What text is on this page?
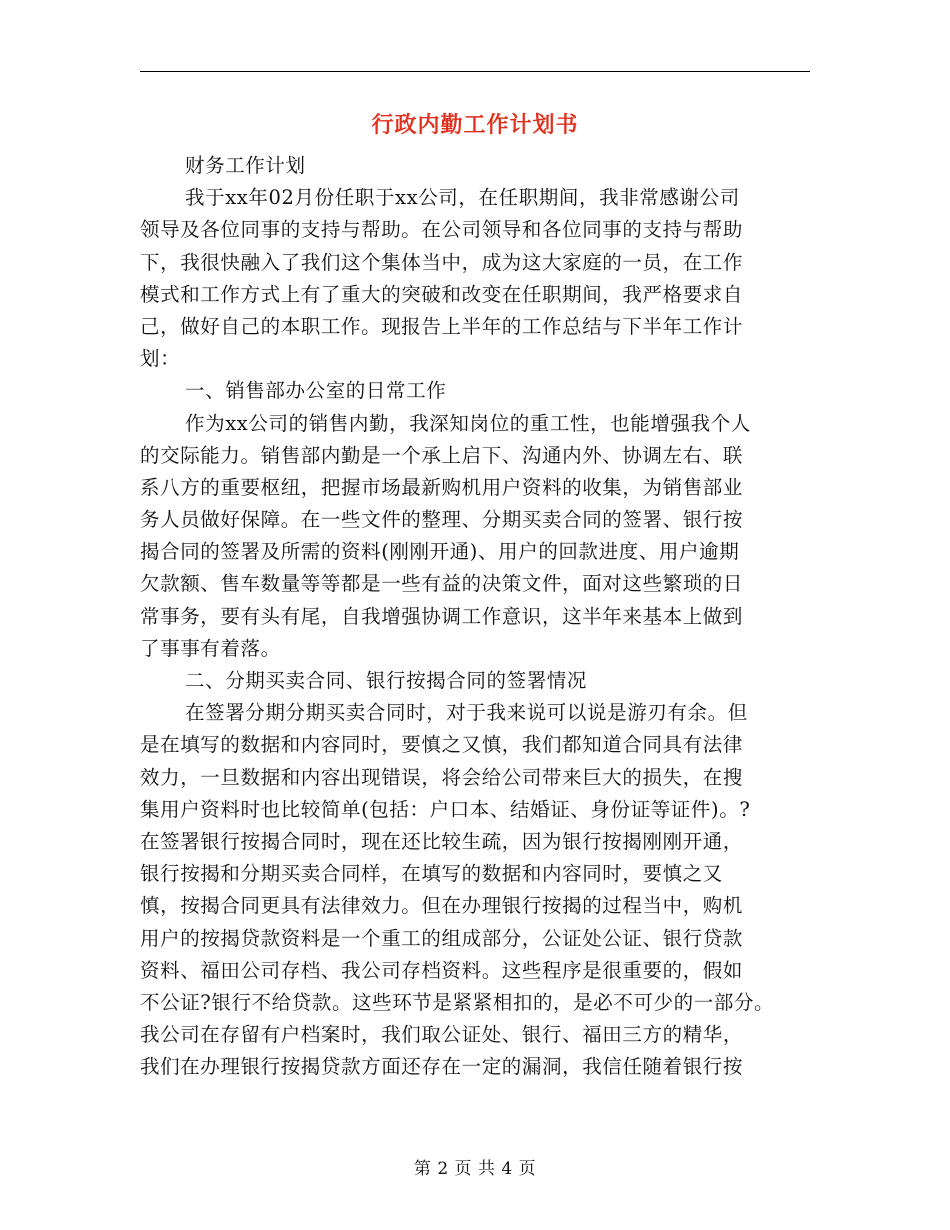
行政内勤工作计划书
财务工作计划
我于xx年02月份任职于xx公司，在任职期间，我非常感谢公司
领导及各位同事的支持与帮助。在公司领导和各位同事的支持与帮助
下，我很快融入了我们这个集体当中，成为这大家庭的一员，在工作
模式和工作方式上有了重大的突破和改变在任职期间，我严格要求自
己，做好自己的本职工作。现报告上半年的工作总结与下半年工作计
划：
一、销售部办公室的日常工作
作为xx公司的销售内勤，我深知岗位的重工性，也能增强我个人
的交际能力。销售部内勤是一个承上启下、沟通内外、协调左右、联
系八方的重要枢纽，把握市场最新购机用户资料的收集，为销售部业
务人员做好保障。在一些文件的整理、分期买卖合同的签署、银行按
揭合同的签署及所需的资料(刚刚开通)、用户的回款进度、用户逾期
欠款额、售车数量等等都是一些有益的决策文件，面对这些繁琐的日
常事务，要有头有尾，自我增强协调工作意识，这半年来基本上做到
了事事有着落。
二、分期买卖合同、银行按揭合同的签署情况
在签署分期分期买卖合同时，对于我来说可以说是游刃有余。但
是在填写的数据和内容同时，要慎之又慎，我们都知道合同具有法律
效力，一旦数据和内容出现错误，将会给公司带来巨大的损失，在搜
集用户资料时也比较简单(包括：户口本、结婚证、身份证等证件)。?
在签署银行按揭合同时，现在还比较生疏，因为银行按揭刚刚开通，
银行按揭和分期买卖合同样，在填写的数据和内容同时，要慎之又
慎，按揭合同更具有法律效力。但在办理银行按揭的过程当中，购机
用户的按揭贷款资料是一个重工的组成部分，公证处公证、银行贷款
资料、福田公司存档、我公司存档资料。这些程序是很重要的，假如
不公证?银行不给贷款。这些环节是紧紧相扣的，是必不可少的一部分。
我公司在存留有户档案时，我们取公证处、银行、福田三方的精华，
我们在办理银行按揭贷款方面还存在一定的漏洞，我信任随着银行按
第 2 页 共 4 页
